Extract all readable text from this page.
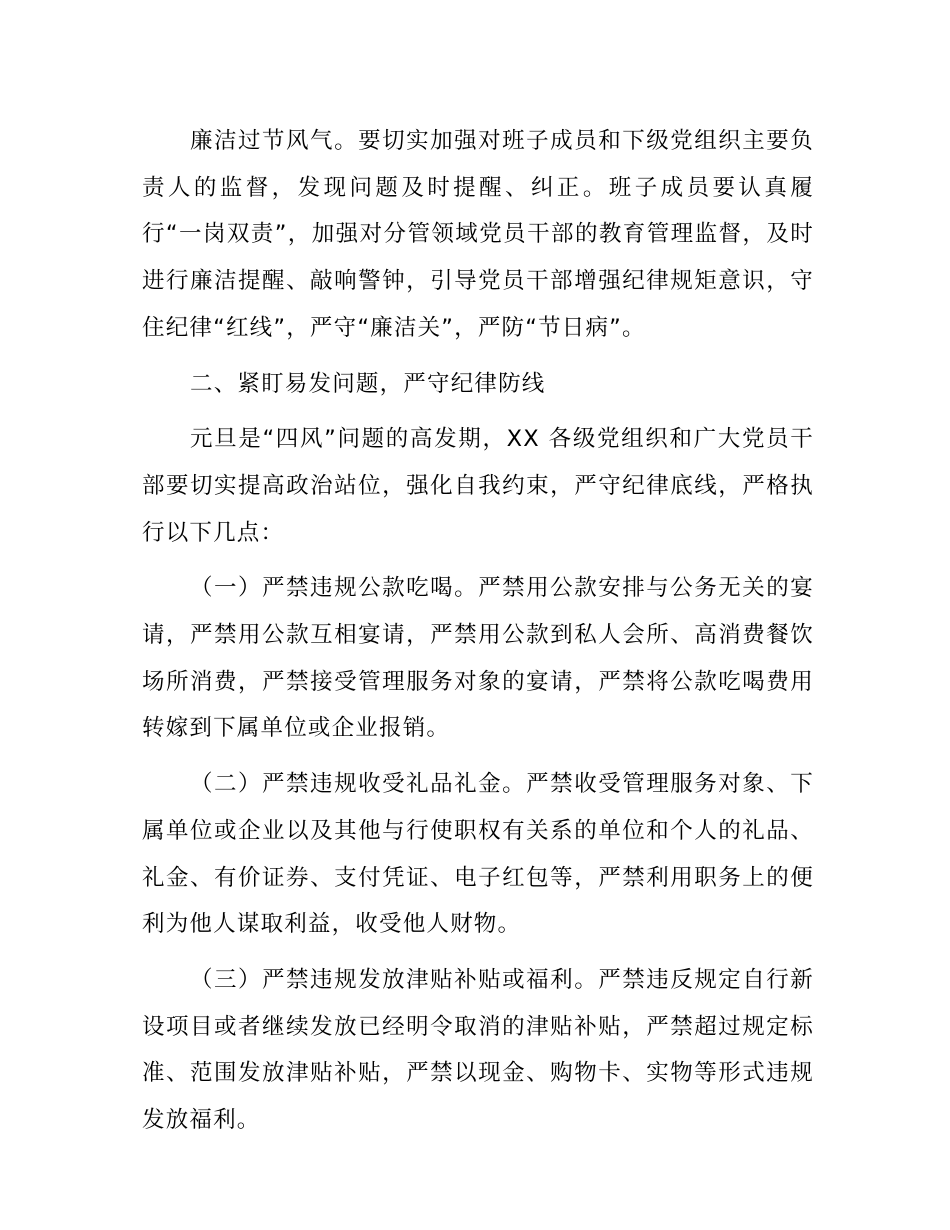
廉洁过节风气。要切实加强对班子成员和下级党组织主要负责人的监督，发现问题及时提醒、纠正。班子成员要认真履行“一岗双责”，加强对分管领域党员干部的教育管理监督，及时进行廉洁提醒、敲响警钟，引导党员干部增强纪律规矩意识，守住纪律“红线”，严守“廉洁关”，严防“节日病”。

二、紧盯易发问题，严守纪律防线

元旦是“四风”问题的高发期，XX 各级党组织和广大党员干部要切实提高政治站位，强化自我约束，严守纪律底线，严格执行以下几点：

（一）严禁违规公款吃喝。严禁用公款安排与公务无关的宴请，严禁用公款互相宴请，严禁用公款到私人会所、高消费餐饮场所消费，严禁接受管理服务对象的宴请，严禁将公款吃喝费用转嫁到下属单位或企业报销。

（二）严禁违规收受礼品礼金。严禁收受管理服务对象、下属单位或企业以及其他与行使职权有关系的单位和个人的礼品、礼金、有价证券、支付凭证、电子红包等，严禁利用职务上的便利为他人谋取利益，收受他人财物。

（三）严禁违规发放津贴补贴或福利。严禁违反规定自行新设项目或者继续发放已经明令取消的津贴补贴，严禁超过规定标准、范围发放津贴补贴，严禁以现金、购物卡、实物等形式违规发放福利。
